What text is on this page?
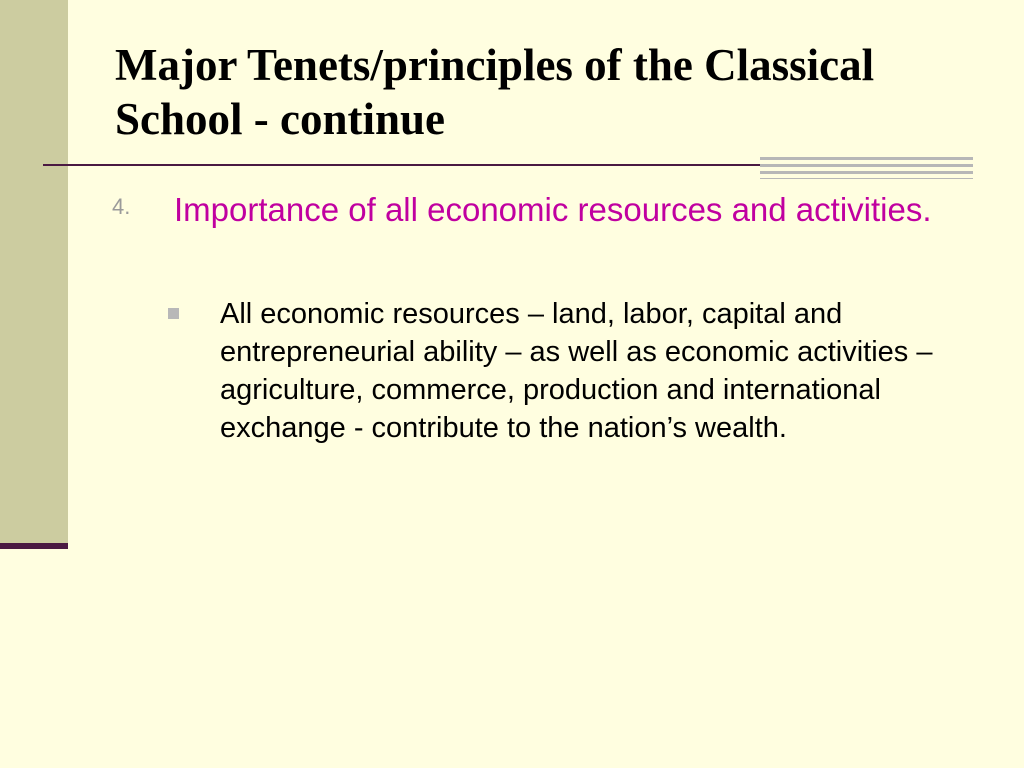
Major Tenets/principles of the Classical School - continue
4. Importance of all economic resources and activities.
All economic resources – land, labor, capital and entrepreneurial ability – as well as economic activities – agriculture, commerce, production and international exchange - contribute to the nation’s wealth.
